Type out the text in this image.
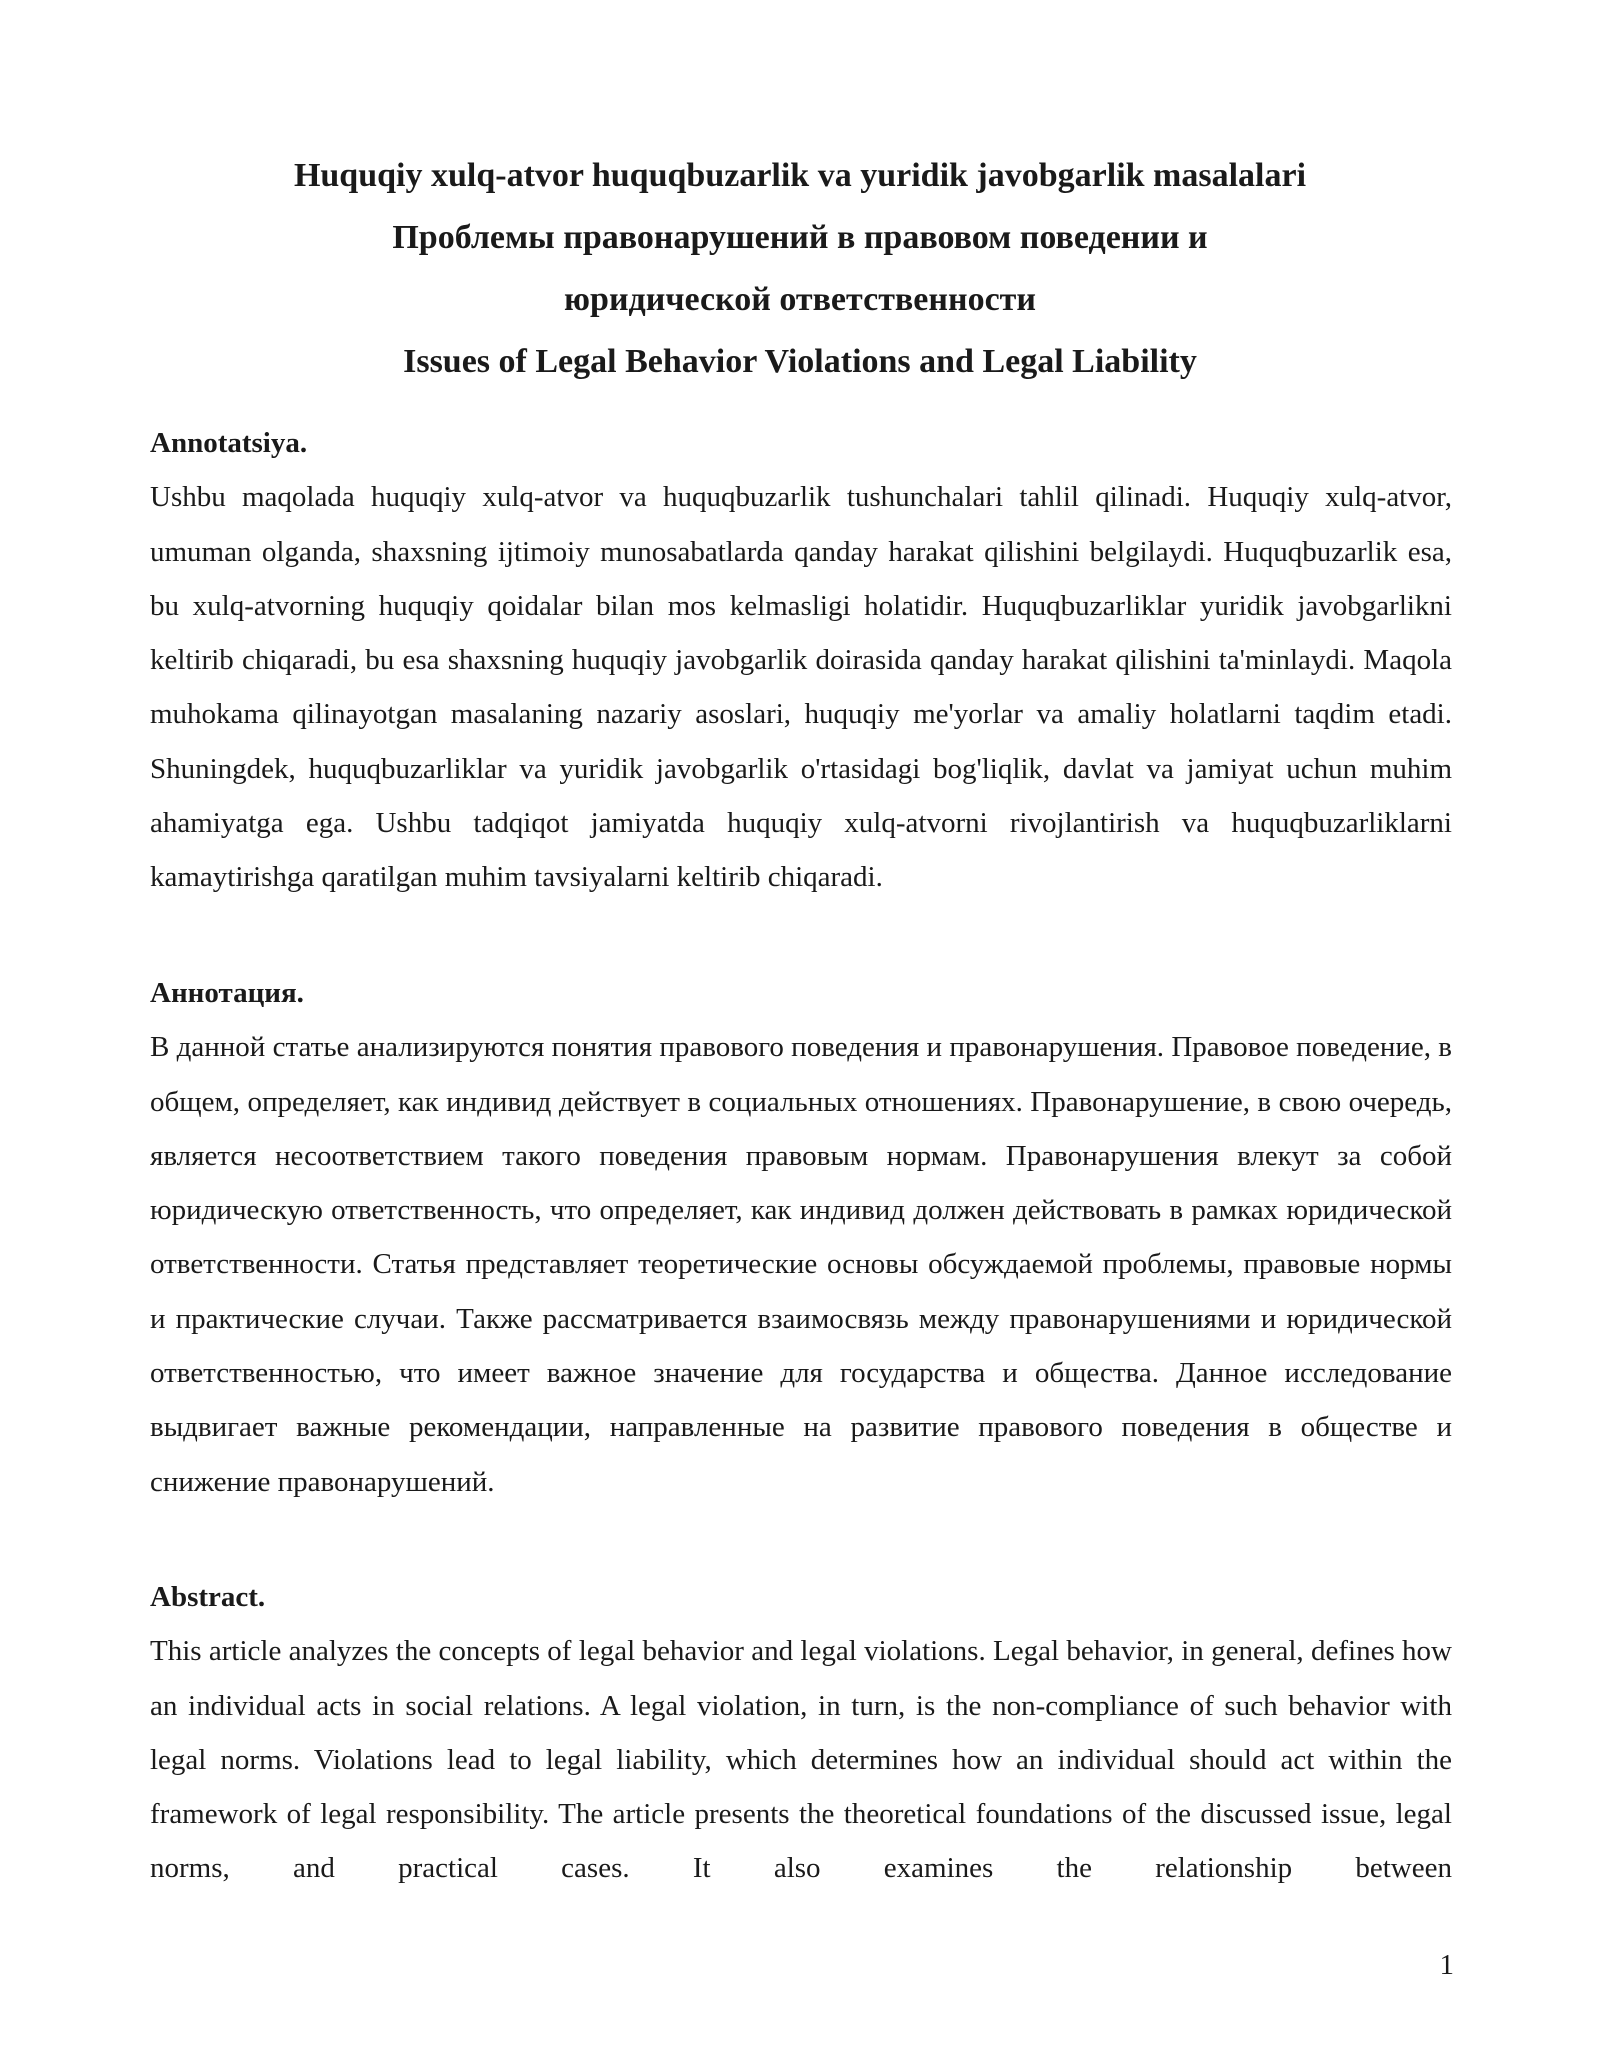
Huquqiy xulq-atvor huquqbuzarlik va yuridik javobgarlik masalalari
Проблемы правонарушений в правовом поведении и юридической ответственности
Issues of Legal Behavior Violations and Legal Liability
Annotatsiya.

Ushbu maqolada huquqiy xulq-atvor va huquqbuzarlik tushunchalari tahlil qilinadi. Huquqiy xulq-atvor, umuman olganda, shaxsning ijtimoiy munosabatlarda qanday harakat qilishini belgilaydi. Huquqbuzarlik esa, bu xulq-atvorning huquqiy qoidalar bilan mos kelmasligi holatidir. Huquqbuzarliklar yuridik javobgarlikni keltirib chiqaradi, bu esa shaxsning huquqiy javobgarlik doirasida qanday harakat qilishini ta'minlaydi. Maqola muhokama qilinayotgan masalaning nazariy asoslari, huquqiy me'yorlar va amaliy holatlarni taqdim etadi. Shuningdek, huquqbuzarliklar va yuridik javobgarlik o'rtasidagi bog'liqlik, davlat va jamiyat uchun muhim ahamiyatga ega. Ushbu tadqiqot jamiyatda huquqiy xulq-atvorni rivojlantirish va huquqbuzarliklarni kamaytirishga qaratilgan muhim tavsiyalarni keltirib chiqaradi.

Аннотация.

В данной статье анализируются понятия правового поведения и правонарушения. Правовое поведение, в общем, определяет, как индивид действует в социальных отношениях. Правонарушение, в свою очередь, является несоответствием такого поведения правовым нормам. Правонарушения влекут за собой юридическую ответственность, что определяет, как индивид должен действовать в рамках юридической ответственности. Статья представляет теоретические основы обсуждаемой проблемы, правовые нормы и практические случаи. Также рассматривается взаимосвязь между правонарушениями и юридической ответственностью, что имеет важное значение для государства и общества. Данное исследование выдвигает важные рекомендации, направленные на развитие правового поведения в обществе и снижение правонарушений.

Abstract.

This article analyzes the concepts of legal behavior and legal violations. Legal behavior, in general, defines how an individual acts in social relations. A legal violation, in turn, is the non-compliance of such behavior with legal norms. Violations lead to legal liability, which determines how an individual should act within the framework of legal responsibility. The article presents the theoretical foundations of the discussed issue, legal norms, and practical cases. It also examines the relationship between

1
